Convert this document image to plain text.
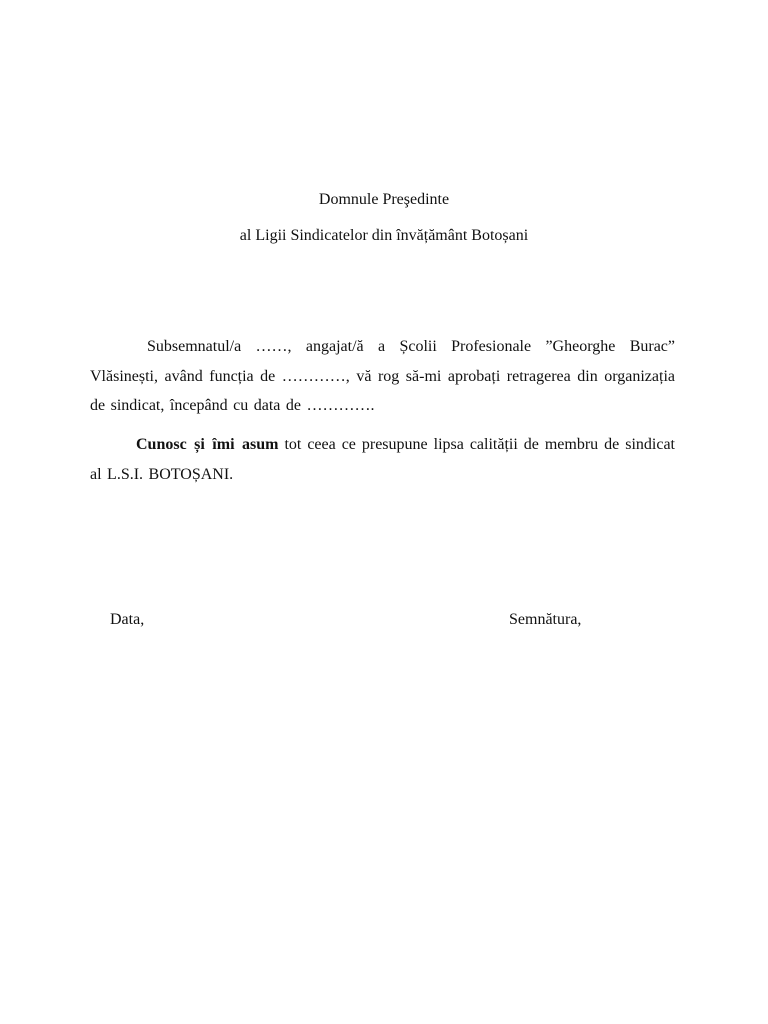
Domnule Preşedinte
al Ligii Sindicatelor din învățământ Botoșani

Subsemnatul/a ……, angajat/ă a Școlii Profesionale ”Gheorghe Burac” Vlăsinești, având funcția de …………, vă rog să-mi aprobați retragerea din organizația de sindicat, începând cu data de ………….

Cunosc și îmi asum tot ceea ce presupune lipsa calității de membru de sindicat al L.S.I. BOTOȘANI.

Data,	Semnătura,
